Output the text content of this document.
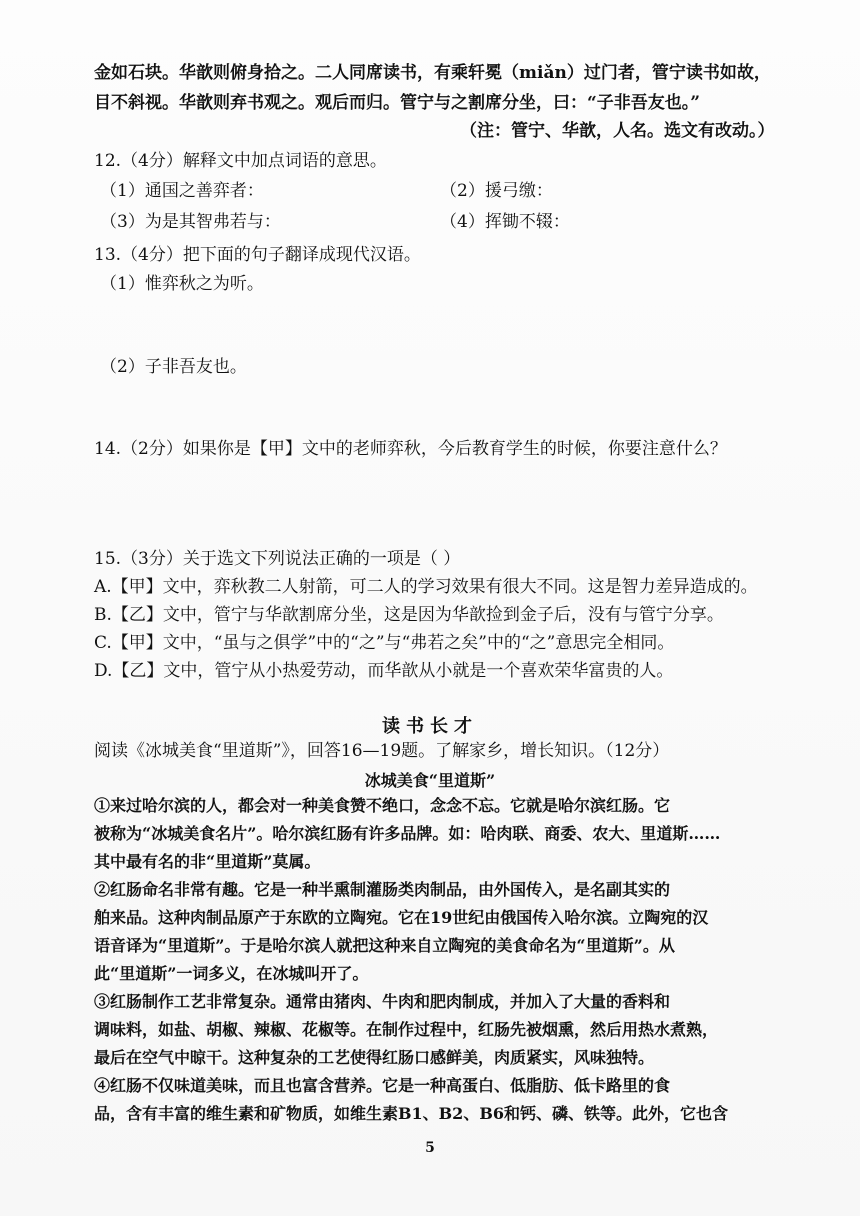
金如石块。华歆则俯身拾之。二人同席读书，有乘轩冕（miǎn）过门者，管宁读书如故，
目不斜视。华歆则弃书观之。观后而归。管宁与之割席分坐，曰：“子非吾友也。”
（注：管宁、华歆，人名。选文有改动。）
12.（4分）解释文中加点词语的意思。
（1）通国之善弈者：	（2）援弓缴：
（3）为是其智弗若与：	（4）挥锄不辍：
13.（4分）把下面的句子翻译成现代汉语。
（1）惟弈秋之为听。
（2）子非吾友也。
14.（2分）如果你是【甲】文中的老师弈秋，今后教育学生的时候，你要注意什么？
15.（3分）关于选文下列说法正确的一项是（ ）
A.【甲】文中，弈秋教二人射箭，可二人的学习效果有很大不同。这是智力差异造成的。
B.【乙】文中，管宁与华歆割席分坐，这是因为华歆捡到金子后，没有与管宁分享。
C.【甲】文中，“虽与之俱学”中的“之”与“弗若之矣”中的“之”意思完全相同。
D.【乙】文中，管宁从小热爱劳动，而华歆从小就是一个喜欢荣华富贵的人。
读书长才
阅读《冰城美食“里道斯”》，回答16—19题。了解家乡，增长知识。（12分）
冰城美食“里道斯”
①来过哈尔滨的人，都会对一种美食赞不绝口，念念不忘。它就是哈尔滨红肠。它
被称为“冰城美食名片”。哈尔滨红肠有许多品牌。如：哈肉联、商委、农大、里道斯……
其中最有名的非“里道斯”莫属。
②红肠命名非常有趣。它是一种半熏制灌肠类肉制品，由外国传入，是名副其实的
舶来品。这种肉制品原产于东欧的立陶宛。它在19世纪由俄国传入哈尔滨。立陶宛的汉
语音译为“里道斯”。于是哈尔滨人就把这种来自立陶宛的美食命名为“里道斯”。从
此“里道斯”一词多义，在冰城叫开了。
③红肠制作工艺非常复杂。通常由猪肉、牛肉和肥肉制成，并加入了大量的香料和
调味料，如盐、胡椒、辣椒、花椒等。在制作过程中，红肠先被烟熏，然后用热水煮熟，
最后在空气中晾干。这种复杂的工艺使得红肠口感鲜美，肉质紧实，风味独特。
④红肠不仅味道美味，而且也富含营养。它是一种高蛋白、低脂肪、低卡路里的食
品，含有丰富的维生素和矿物质，如维生素B1、B2、B6和钙、磷、铁等。此外，它也含
5
